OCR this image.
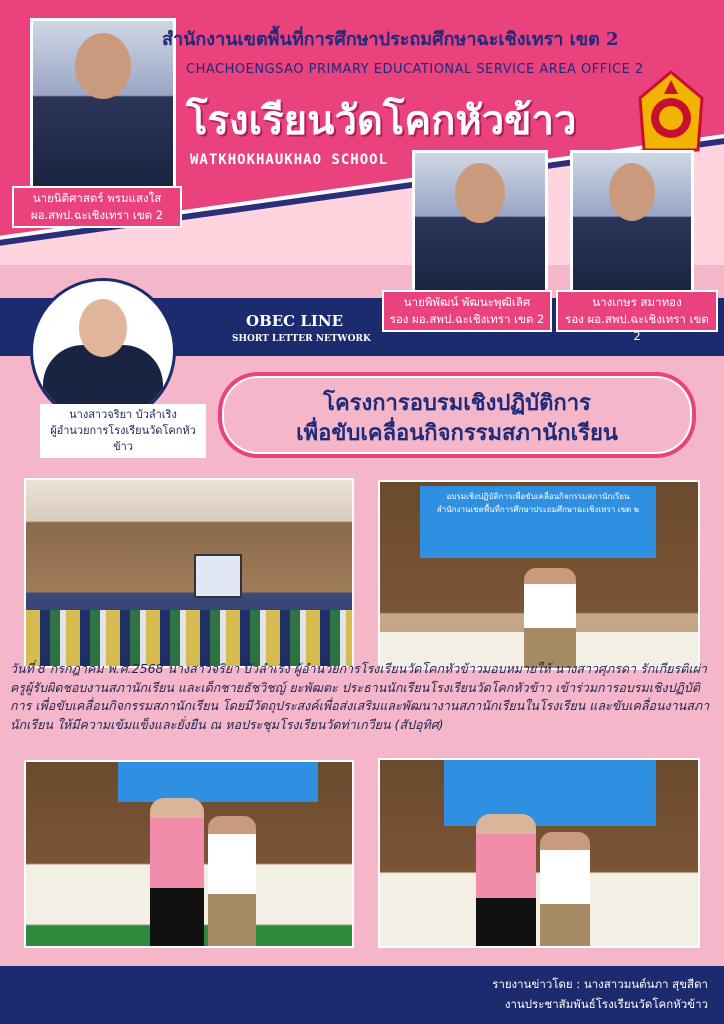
นายนิติศาสตร์ พรมแสงใส
ผอ.สพป.ฉะเชิงเทรา เขต 2
สำนักงานเขตพื้นที่การศึกษาประถมศึกษาฉะเชิงเทรา เขต 2
CHACHOENGSAO PRIMARY EDUCATIONAL SERVICE AREA OFFICE 2
โรงเรียนวัดโคกหัวข้าว
WATKHOKHAUKHAO SCHOOL
นายพิพัฒน์ พัฒนะพุฒิเลิศ
รอง ผอ.สพป.ฉะเชิงเทรา เขต 2
นางเกษร สมาทอง
รอง ผอ.สพป.ฉะเชิงเทรา เขต 2
OBEC LINE
SHORT LETTER NETWORK
นางสาวจริยา บัวลำเริง
ผู้อำนวยการโรงเรียนวัดโคกหัวข้าว
โครงการอบรมเชิงปฏิบัติการ
เพื่อขับเคลื่อนกิจกรรมสภานักเรียน
อบรมเชิงปฏิบัติการเพื่อขับเคลื่อนกิจกรรมสภานักเรียน
สำนักงานเขตพื้นที่การศึกษาประถมศึกษาฉะเชิงเทรา เขต ๒
วันที่ 8 กรกฎาคม พ.ศ.2568 นางสาวจริยา บัวลำเริง ผู้อำนวยการโรงเรียนวัดโคกหัวข้าวมอบหมายให้ นางสาวศุภรดา รักเกียรติเผ่า ครูผู้รับผิดชอบงานสภานักเรียน และเด็กชายธัชวิชญ์ ยะพัฒตะ ประธานนักเรียนโรงเรียนวัดโคกหัวข้าว เข้าร่วมการอบรมเชิงปฏิบัติการ เพื่อขับเคลื่อนกิจกรรมสภานักเรียน โดยมีวัตถุประสงค์เพื่อส่งเสริมและพัฒนางานสภานักเรียนในโรงเรียน และขับเคลื่อนงานสภานักเรียน ให้มีความเข้มแข็งและยั่งยืน ณ หอประชุมโรงเรียนวัดท่าเกวียน (สัปอุทิศ)
รายงานข่าวโดย : นางสาวมนต์นภา สุขสีดา
งานประชาสัมพันธ์โรงเรียนวัดโคกหัวข้าว
